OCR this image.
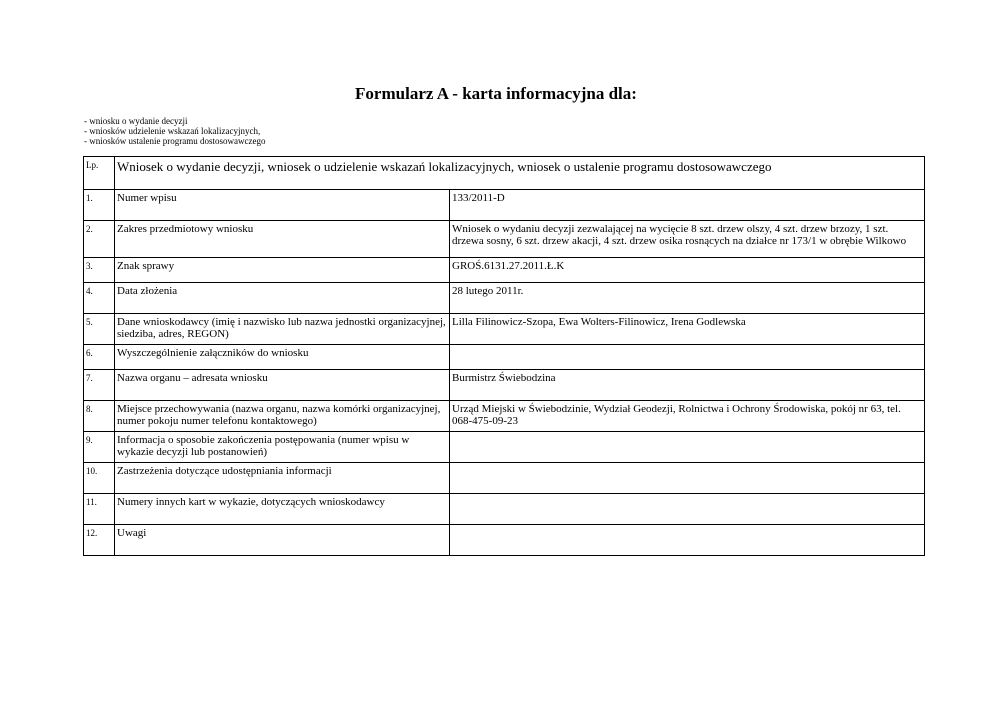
Formularz A - karta informacyjna dla:
- wniosku o wydanie decyzji
- wniosków udzielenie wskazań lokalizacyjnych,
- wniosków ustalenie programu dostosowawczego
Lp.	Wniosek o wydanie decyzji, wniosek o udzielenie wskazań lokalizacyjnych, wniosek o ustalenie programu dostosowawczego	
1.	Numer wpisu	133/2011-D
2.	Zakres przedmiotowy wniosku	Wniosek o wydaniu decyzji zezwalającej na wycięcie 8 szt. drzew olszy, 4 szt. drzew brzozy, 1 szt. drzewa sosny, 6 szt. drzew akacji, 4 szt. drzew osika rosnących na działce nr 173/1 w obrębie Wilkowo
3.	Znak sprawy	GROŚ.6131.27.2011.Ł.K
4.	Data złożenia	28 lutego 2011r.
5.	Dane wnioskodawcy (imię i nazwisko lub nazwa jednostki organizacyjnej, siedziba, adres, REGON)	Lilla Filinowicz-Szopa, Ewa Wolters-Filinowicz, Irena Godlewska
6.	Wyszczególnienie załączników do wniosku	
7.	Nazwa organu – adresata wniosku	Burmistrz Świebodzina
8.	Miejsce przechowywania (nazwa organu, nazwa komórki organizacyjnej, numer pokoju numer telefonu kontaktowego)	Urząd Miejski w Świebodzinie, Wydział Geodezji, Rolnictwa i Ochrony Środowiska, pokój nr 63, tel. 068-475-09-23
9.	Informacja o sposobie zakończenia postępowania (numer wpisu w wykazie decyzji lub postanowień)	
10.	Zastrzeżenia dotyczące udostępniania informacji	
11.	Numery innych kart w wykazie, dotyczących wnioskodawcy	
12.	Uwagi	
